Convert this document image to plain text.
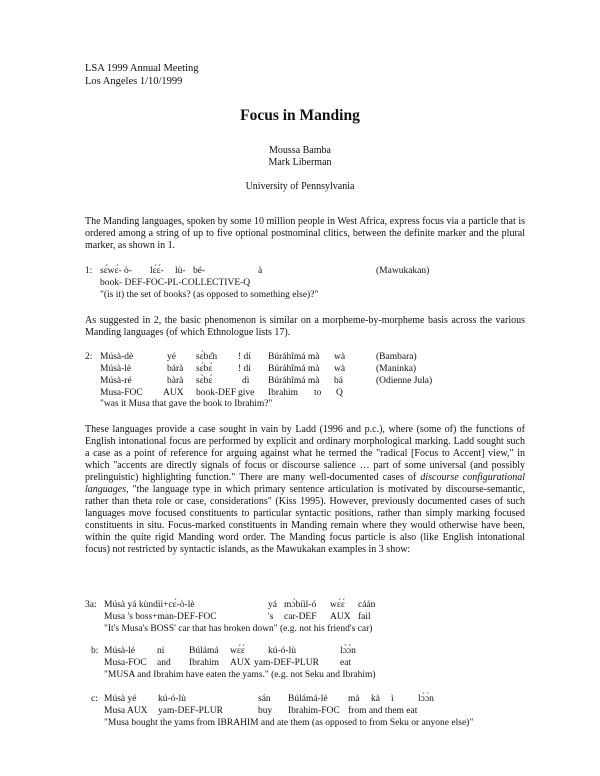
LSA 1999 Annual Meeting
Los Angeles 1/10/1999
Focus in Manding
Moussa Bamba
Mark Liberman
University of Pennsylvania
The Manding languages, spoken by some 10 million people in West Africa, express focus via a particle that is ordered among a string of up to five optional postnominal clitics, between the definite marker and the plural marker, as shown in 1.
1: sɛ́wɛ́- ò- lɛ́ɛ́- lù- bé-	à	(Mawukakan)
book- DEF-FOC-PL-COLLECTIVE-Q
"(is it) the set of books? (as opposed to something else)?"
As suggested in 2, the basic phenomenon is similar on a morpheme-by-morpheme basis across the various Manding languages (of which Ethnologue lists 17).
2: Músà-dè	yé sɛ́bɛ̂n ! dí Búráhîmá mà wà	(Bambara)
Músà-lè	bárà sɛ́bɛ́	! dí Búráhîmá mà wà	(Maninka)
Músà-ré	bàrà sɛ̀bɛ́	dì Búráhîmá mà bá	(Odienne Jula)
Musa-FOC AUX book-DEF give Ibrahim to Q
"was it Musa that gave the book to Ibrahim?"
These languages provide a case sought in vain by Ladd (1996 and p.c.), where (some of) the functions of English intonational focus are performed by explicit and ordinary morphological marking. Ladd sought such a case as a point of reference for arguing against what he termed the "radical [Focus to Accent] view," in which "accents are directly signals of focus or discourse salience … part of some universal (and possibly prelinguistic) highlighting function." There are many well-documented cases of discourse configurational languages, "the language type in which primary sentence articulation is motivated by discourse-semantic, rather than theta role or case, considerations" (Kiss 1995). However, previously documented cases of such languages move focused constituents to particular syntactic positions, rather than simply marking focused constituents in situ. Focus-marked constituents in Manding remain where they would otherwise have been, within the quite rigid Manding word order. The Manding focus particle is also (like English intonational focus) not restricted by syntactic islands, as the Mawukakan examples in 3 show:
3a: Músà yá kùndìì+cɛ́-ò-lè	yá mɔ̀bíìl-ó wɛ́ɛ́ cáán
Musa 's boss+man-DEF-FOC	's car-DEF AUX fail
"It's Musa's BOSS' car that has broken down" (e.g. not his friend's car)
b: Músà-lé ní	Búlámá wɛ́ɛ́ kú-ó-lù	lɔ̀ɔ̀n
Musa-FOC and Ibrahim AUX yam-DEF-PLUR eat
"MUSA and Ibrahim have eaten the yams." (e.g. not Seku and Ibrahim)
c: Músà yé kú-ó-lù	sán Búlámá-lè mà kà ì	lɔ̀ɔ̀n
Musa AUX yam-DEF-PLUR	buy Ibrahim-FOC from and them eat
"Musa bought the yams from IBRAHIM and ate them (as opposed to from Seku or anyone else)"
